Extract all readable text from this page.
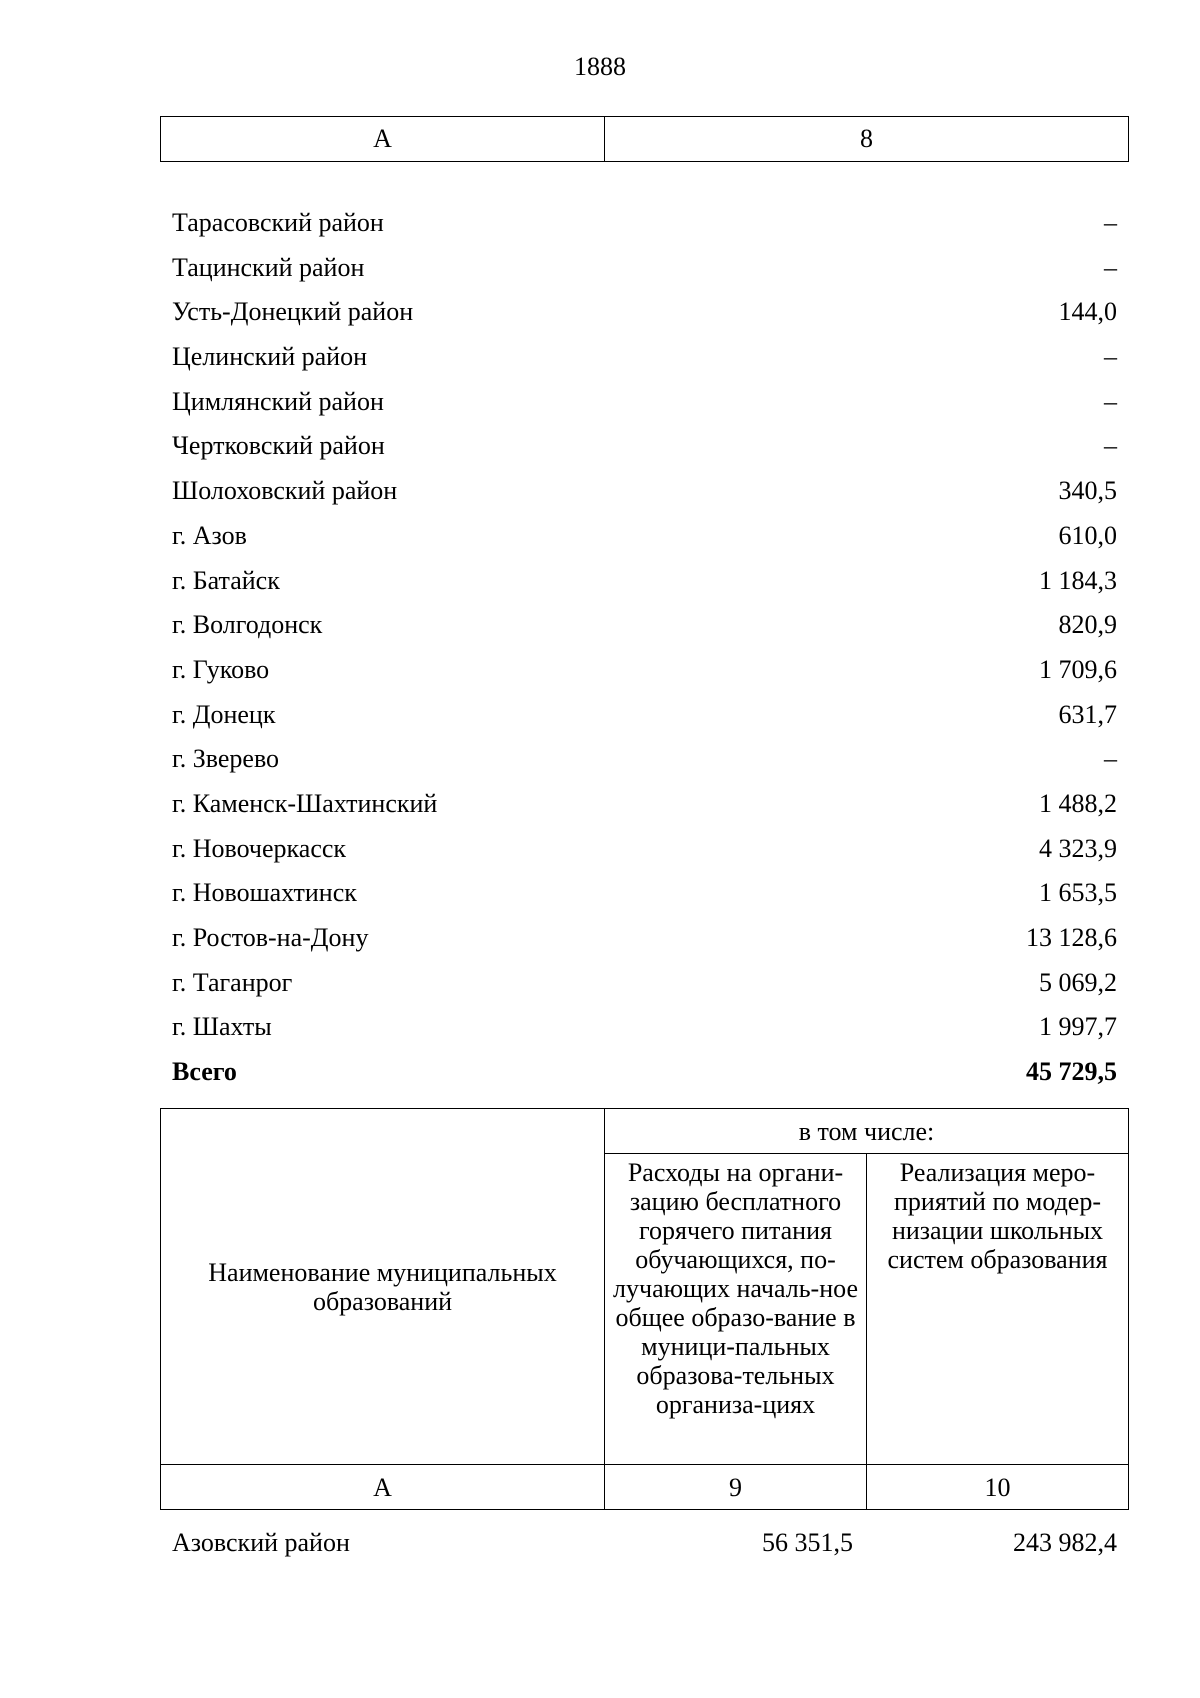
1888
А	8
Тарасовский район	–
Тацинский район	–
Усть-Донецкий район	144,0
Целинский район	–
Цимлянский район	–
Чертковский район	–
Шолоховский район	340,5
г. Азов	610,0
г. Батайск	1 184,3
г. Волгодонск	820,9
г. Гуково	1 709,6
г. Донецк	631,7
г. Зверево	–
г. Каменск-Шахтинский	1 488,2
г. Новочеркасск	4 323,9
г. Новошахтинск	1 653,5
г. Ростов-на-Дону	13 128,6
г. Таганрог	5 069,2
г. Шахты	1 997,7
Всего	45 729,5
Наименование муниципальных образований	в том числе:	
	Расходы на органи-зацию бесплатного горячего питания обучающихся, по-лучающих началь-ное общее образо-вание в муници-пальных образова-тельных организа-циях	Реализация меро-приятий по модер-низации школьных систем образования
А	9	10
Азовский район	56 351,5	243 982,4
